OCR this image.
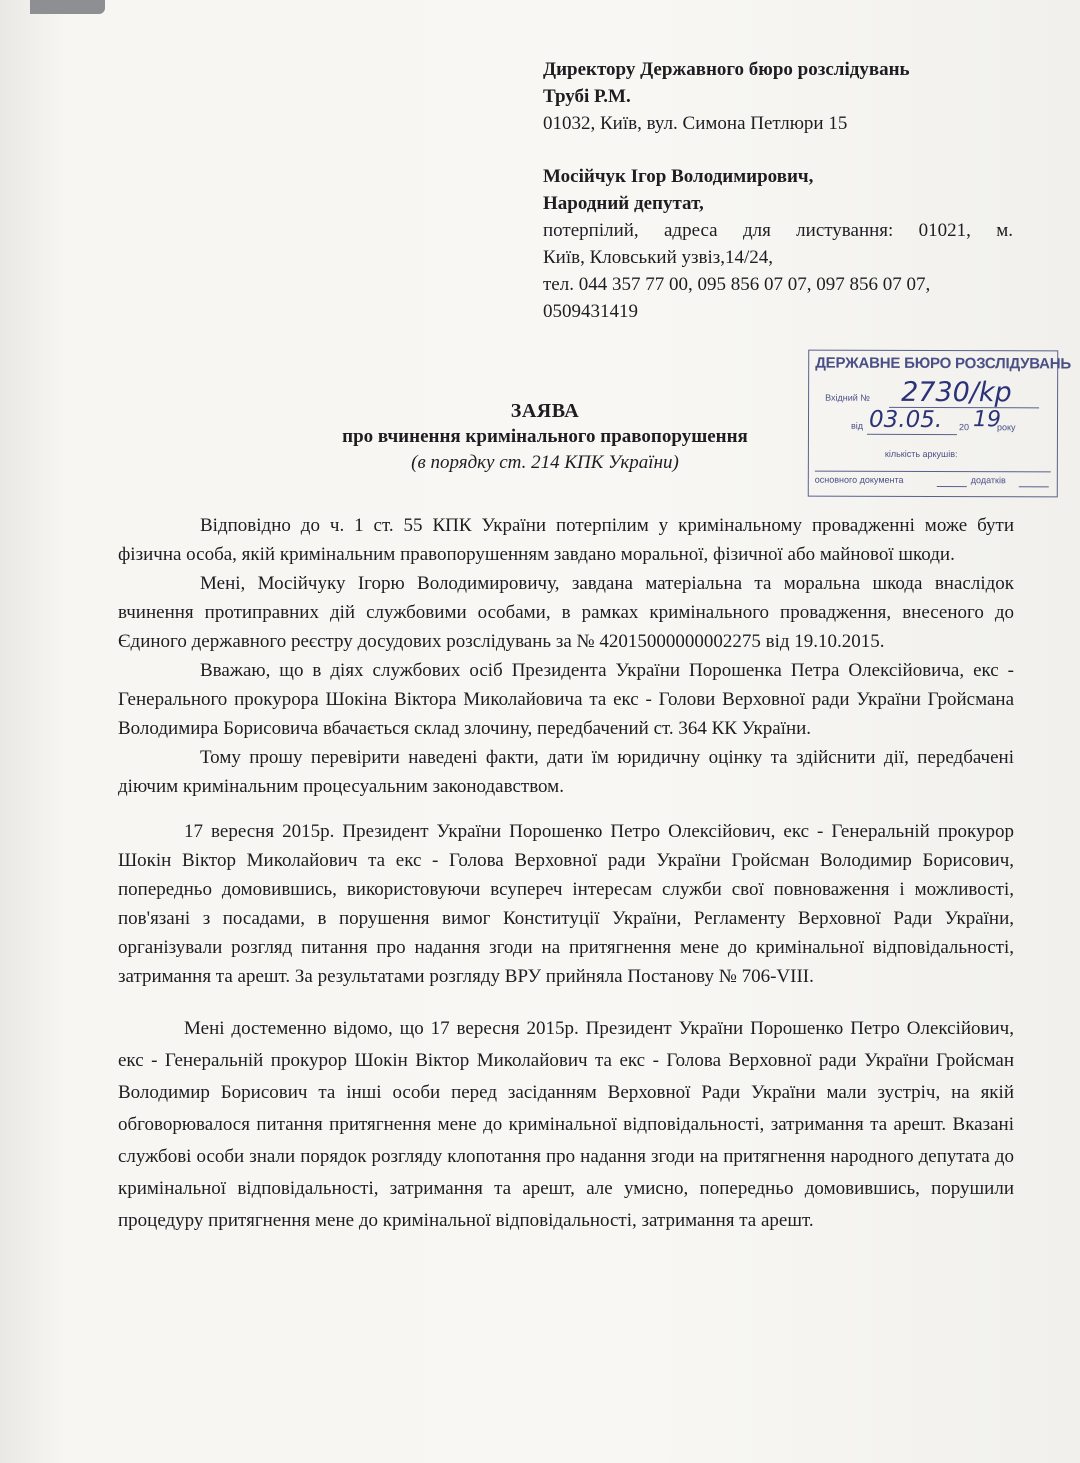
Директору Державного бюро розслідувань
Трубі Р.М.
01032, Київ, вул. Симона Петлюри 15
Мосійчук Ігор Володимирович,
Народний депутат,
потерпілий, адреса для листування: 01021, м.
Київ, Кловський узвіз,14/24,
тел. 044 357 77 00, 095 856 07 07, 097 856 07 07,
0509431419
ДЕРЖАВНЕ БЮРО РОЗСЛІДУВАНЬ
Вхідний № 2730/kp
від 03.05. 20 19
року
кількість аркушів:
основного документа	додатків
ЗАЯВА
про вчинення кримінального правопорушення
(в порядку ст. 214 КПК України)

Відповідно до ч. 1 ст. 55 КПК України потерпілим у кримінальному провадженні може бути фізична особа, якій кримінальним правопорушенням завдано моральної, фізичної або майнової шкоди.

Мені, Мосійчуку Ігорю Володимировичу, завдана матеріальна та моральна шкода внаслідок вчинення протиправних дій службовими особами, в рамках кримінального провадження, внесеного до Єдиного державного реєстру досудових розслідувань за № 42015000000002275 від 19.10.2015.

Вважаю, що в діях службових осіб Президента України Порошенка Петра Олексійовича, екс - Генерального прокурора Шокіна Віктора Миколайовича та екс - Голови Верховної ради України Гройсмана Володимира Борисовича вбачається склад злочину, передбачений ст. 364 КК України.

Тому прошу перевірити наведені факти, дати їм юридичну оцінку та здійснити дії, передбачені діючим кримінальним процесуальним законодавством.

17 вересня 2015р. Президент України Порошенко Петро Олексійович, екс - Генеральній прокурор Шокін Віктор Миколайович та екс - Голова Верховної ради України Гройсман Володимир Борисович, попередньо домовившись, використовуючи всупереч інтересам служби свої повноваження і можливості, пов'язані з посадами, в порушення вимог Конституції України, Регламенту Верховної Ради України, організували розгляд питання про надання згоди на притягнення мене до кримінальної відповідальності, затримання та арешт. За результатами розгляду ВРУ прийняла Постанову № 706-VIII.

Мені достеменно відомо, що 17 вересня 2015р. Президент України Порошенко Петро Олексійович, екс - Генеральній прокурор Шокін Віктор Миколайович та екс - Голова Верховної ради України Гройсман Володимир Борисович та інші особи перед засіданням Верховної Ради України мали зустріч, на якій обговорювалося питання притягнення мене до кримінальної відповідальності, затримання та арешт. Вказані службові особи знали порядок розгляду клопотання про надання згоди на притягнення народного депутата до кримінальної відповідальності, затримання та арешт, але умисно, попередньо домовившись, порушили процедуру притягнення мене до кримінальної відповідальності, затримання та арешт.
